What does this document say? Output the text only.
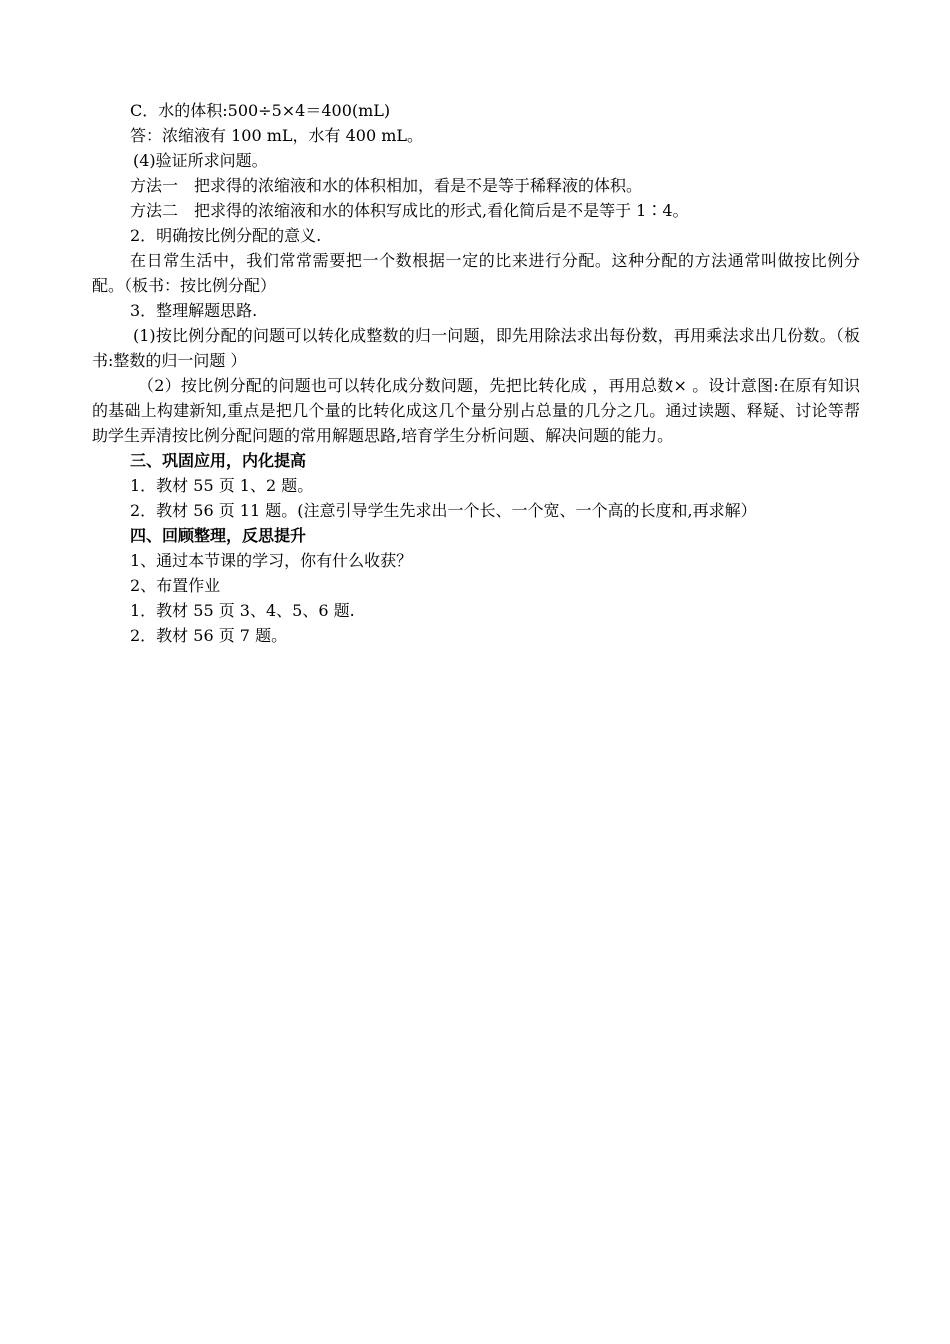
C．水的体积:500÷5×4＝400(mL)

答：浓缩液有 100 mL，水有 400 mL。

(4)验证所求问题。

方法一　把求得的浓缩液和水的体积相加，看是不是等于稀释液的体积。

方法二　把求得的浓缩液和水的体积写成比的形式,看化简后是不是等于 1∶4。

2．明确按比例分配的意义.

在日常生活中，我们常常需要把一个数根据一定的比来进行分配。这种分配的方法通常叫做按比例分配。（板书：按比例分配）

3．整理解题思路.

(1)按比例分配的问题可以转化成整数的归一问题，即先用除法求出每份数，再用乘法求出几份数。（板书:整数的归一问题 ）

（2）按比例分配的问题也可以转化成分数问题，先把比转化成 ，再用总数× 。设计意图:在原有知识的基础上构建新知,重点是把几个量的比转化成这几个量分别占总量的几分之几。通过读题、释疑、讨论等帮助学生弄清按比例分配问题的常用解题思路,培育学生分析问题、解决问题的能力。

三、巩固应用，内化提高

1．教材 55 页 1、2 题。

2．教材 56 页 11 题。(注意引导学生先求出一个长、一个宽、一个高的长度和,再求解）

四、回顾整理，反思提升

1、通过本节课的学习，你有什么收获？

2、布置作业

1．教材 55 页 3、4、5、6 题.

2．教材 56 页 7 题。
